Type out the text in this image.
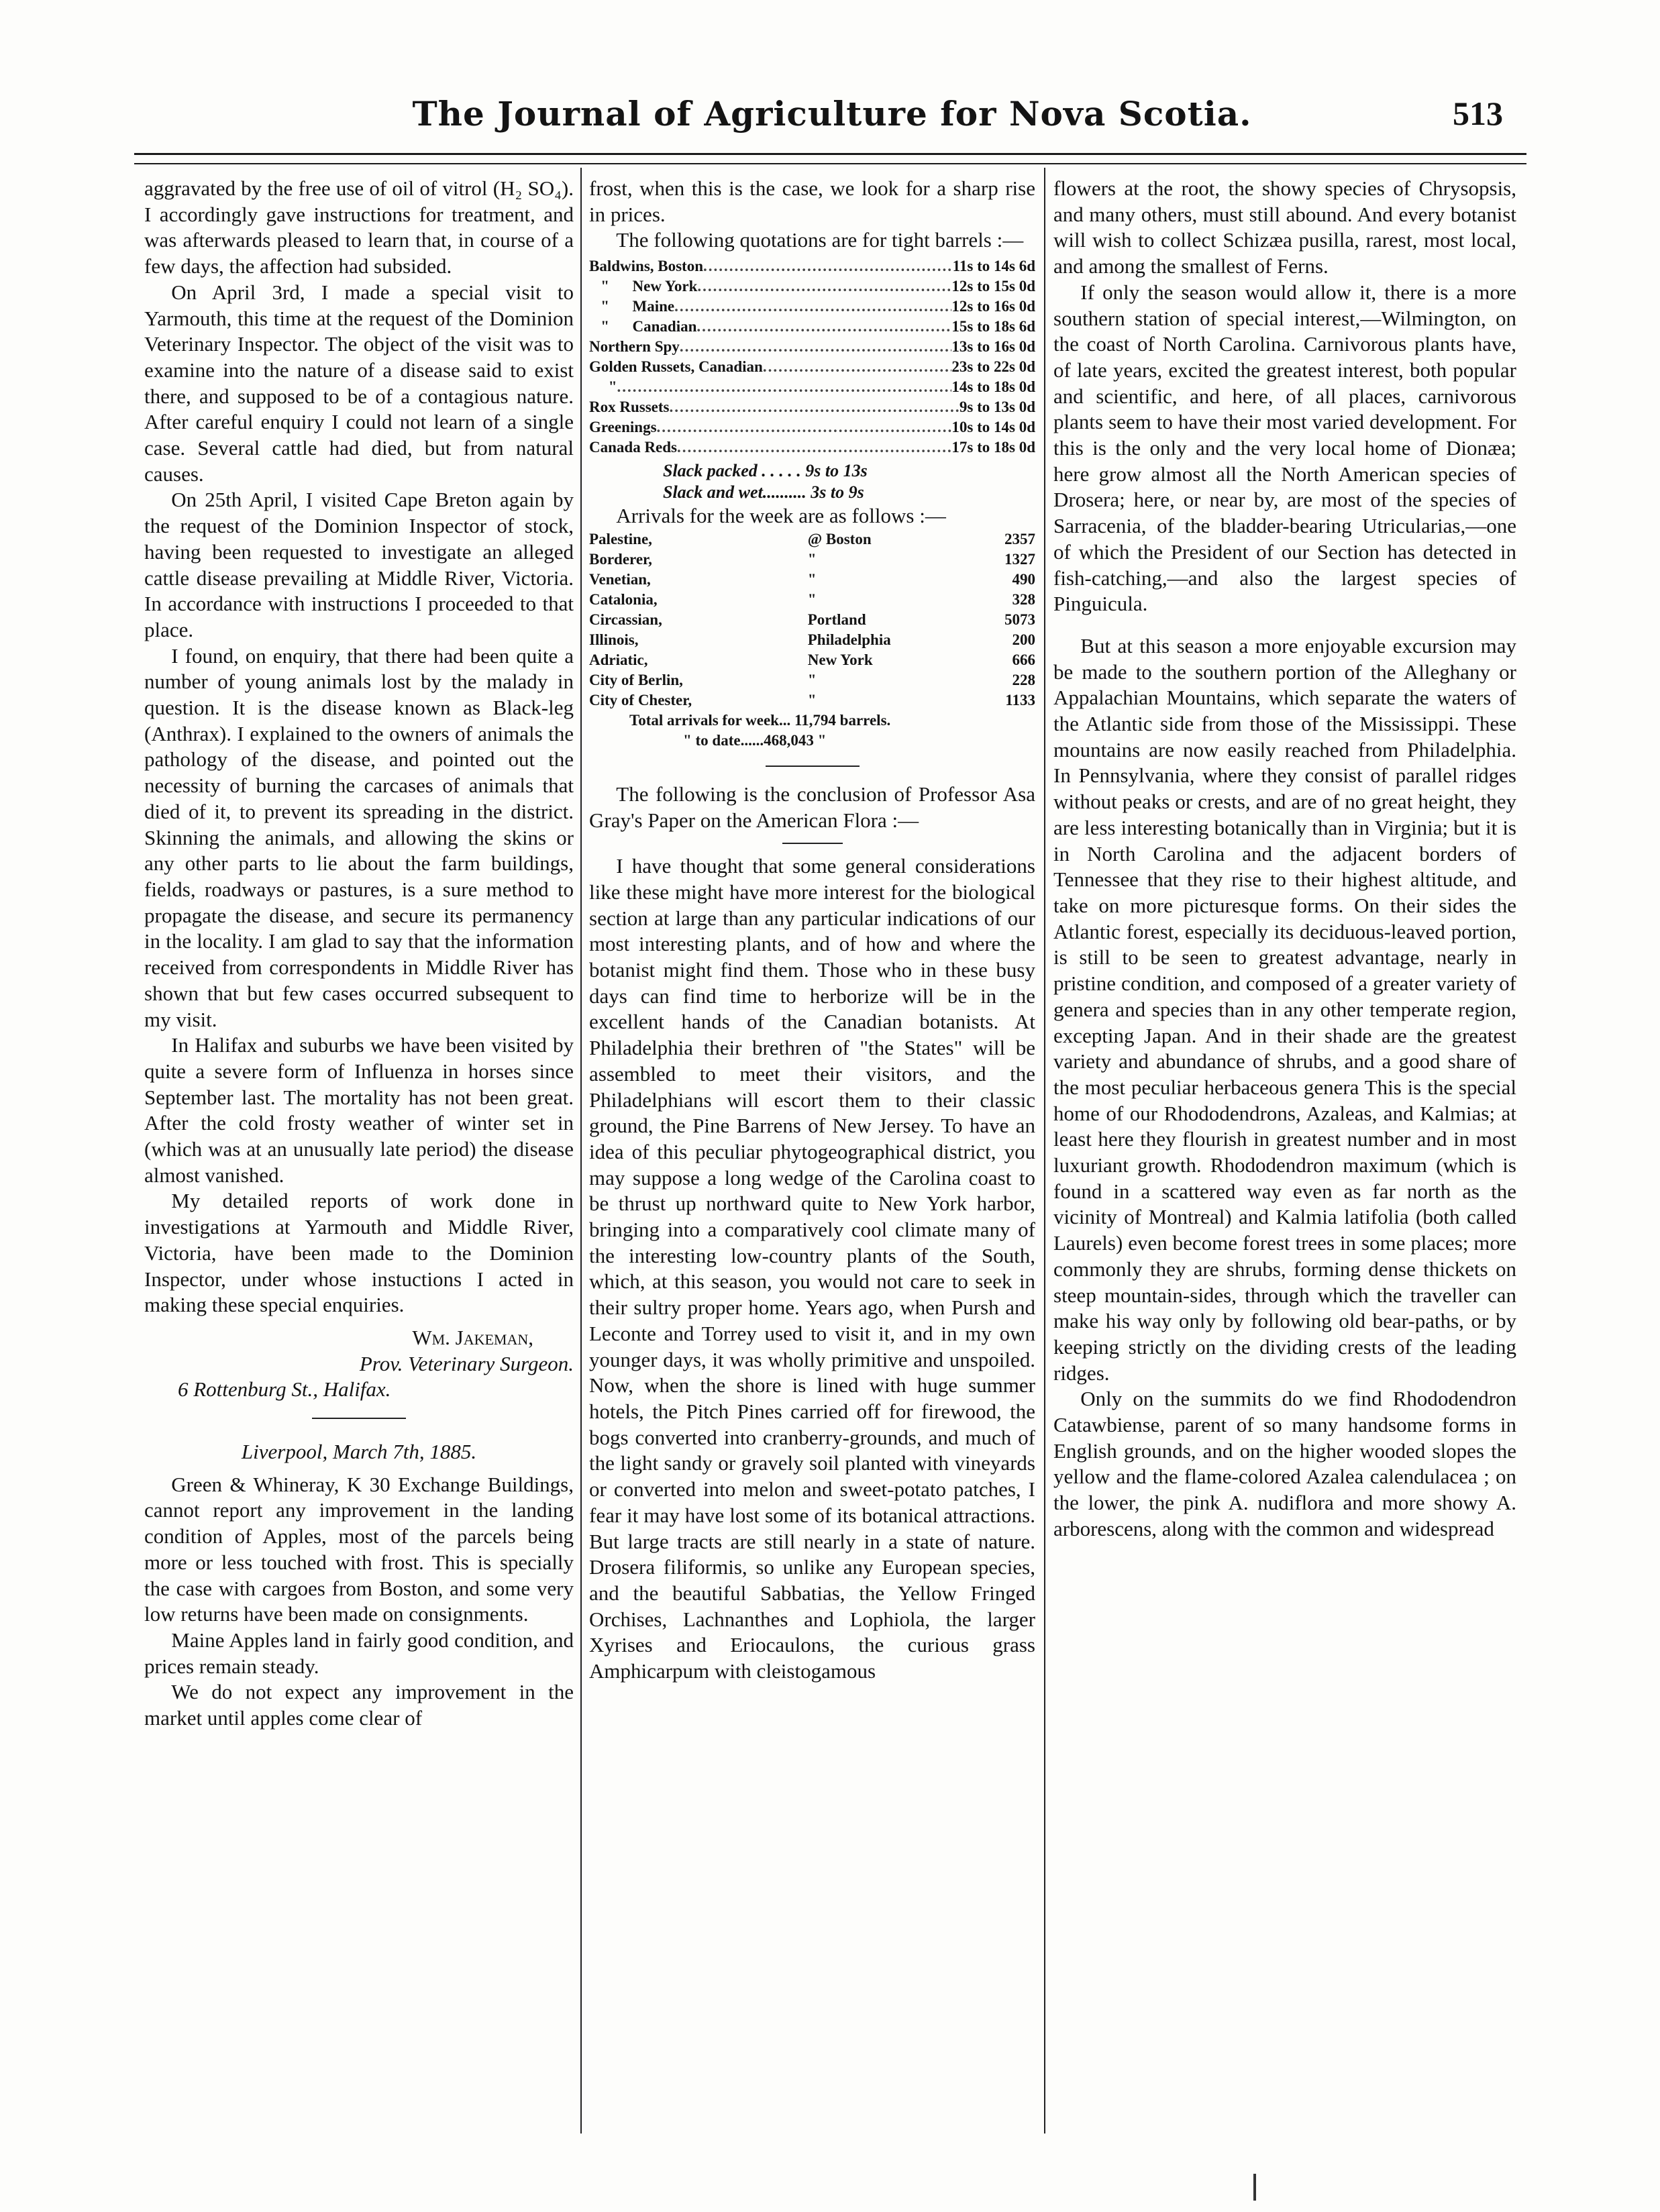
The Journal of Agriculture for Nova Scotia.	513

aggravated by the free use of oil of vitrol (H₂ SO₄). I accordingly gave instructions for treatment, and was afterwards pleased to learn that, in course of a few days, the affection had subsided.

On April 3rd, I made a special visit to Yarmouth, this time at the request of the Dominion Veterinary Inspector. The object of the visit was to examine into the nature of a disease said to exist there, and supposed to be of a contagious nature. After careful enquiry I could not learn of a single case. Several cattle had died, but from natural causes.

On 25th April, I visited Cape Breton again by the request of the Dominion Inspector of stock, having been requested to investigate an alleged cattle disease prevailing at Middle River, Victoria. In accordance with instructions I proceeded to that place.

I found, on enquiry, that there had been quite a number of young animals lost by the malady in question. It is the disease known as Black-leg (Anthrax). I explained to the owners of animals the pathology of the disease, and pointed out the necessity of burning the carcases of animals that died of it, to prevent its spreading in the district. Skinning the animals, and allowing the skins or any other parts to lie about the farm buildings, fields, roadways or pastures, is a sure method to propagate the disease, and secure its permanency in the locality. I am glad to say that the information received from correspondents in Middle River has shown that but few cases occurred subsequent to my visit.

In Halifax and suburbs we have been visited by quite a severe form of Influenza in horses since September last. The mortality has not been great. After the cold frosty weather of winter set in (which was at an unusually late period) the disease almost vanished.

My detailed reports of work done in investigations at Yarmouth and Middle River, Victoria, have been made to the Dominion Inspector, under whose instuctions I acted in making these special enquiries.

Wm. Jakeman,
Prov. Veterinary Surgeon.
6 Rottenburg St., Halifax.
Liverpool, March 7th, 1885.

Green & Whineray, K 30 Exchange Buildings, cannot report any improvement in the landing condition of Apples, most of the parcels being more or less touched with frost. This is specially the case with cargoes from Boston, and some very low returns have been made on consignments.

Maine Apples land in fairly good condition, and prices remain steady.

We do not expect any improvement in the market until apples come clear of

frost, when this is the case, we look for a sharp rise in prices.

The following quotations are for tight barrels :—

Baldwins, Boston .....	11s to 14s 6d
"      New York .....	12s to 15s 0d
"      Maine .....	12s to 16s 0d
"      Canadian .....	15s to 18s 6d
Northern Spy .....	13s to 16s 0d
Golden Russets, Canadian .....	23s to 22s 0d
" .....	14s to 18s 0d
Rox Russets .....	9s to 13s 0d
Greenings .....	10s to 14s 0d
Canada Reds .....	17s to 18s 0d
Slack packed . . . . . 9s to 13s
Slack and wet.......... 3s to 9s

Arrivals for the week are as follows :—

Palestine,	@ Boston	2357
Borderer,	"	1327
Venetian,	"	490
Catalonia,	"	328
Circassian,	Portland	5073
Illinois,	Philadelphia	200
Adriatic,	New York	666
City of Berlin,	"	228
City of Chester,	"	1133
Total arrivals for week... 11,794 barrels.
" to date......468,043 "

The following is the conclusion of Professor Asa Gray's Paper on the American Flora :—

I have thought that some general considerations like these might have more interest for the biological section at large than any particular indications of our most interesting plants, and of how and where the botanist might find them. Those who in these busy days can find time to herborize will be in the excellent hands of the Canadian botanists. At Philadelphia their brethren of "the States" will be assembled to meet their visitors, and the Philadelphians will escort them to their classic ground, the Pine Barrens of New Jersey. To have an idea of this peculiar phytogeographical district, you may suppose a long wedge of the Carolina coast to be thrust up northward quite to New York harbor, bringing into a comparatively cool climate many of the interesting low-country plants of the South, which, at this season, you would not care to seek in their sultry proper home. Years ago, when Pursh and Leconte and Torrey used to visit it, and in my own younger days, it was wholly primitive and unspoiled. Now, when the shore is lined with huge summer hotels, the Pitch Pines carried off for firewood, the bogs converted into cranberry-grounds, and much of the light sandy or gravely soil planted with vineyards or converted into melon and sweet-potato patches, I fear it may have lost some of its botanical attractions. But large tracts are still nearly in a state of nature. Drosera filiformis, so unlike any European species, and the beautiful Sabbatias, the Yellow Fringed Orchises, Lachnanthes and Lophiola, the larger Xyrises and Eriocaulons, the curious grass Amphicarpum with cleistogamous

flowers at the root, the showy species of Chrysopsis, and many others, must still abound. And every botanist will wish to collect Schizæa pusilla, rarest, most local, and among the smallest of Ferns.

If only the season would allow it, there is a more southern station of special interest,—Wilmington, on the coast of North Carolina. Carnivorous plants have, of late years, excited the greatest interest, both popular and scientific, and here, of all places, carnivorous plants seem to have their most varied development. For this is the only and the very local home of Dionæa; here grow almost all the North American species of Drosera; here, or near by, are most of the species of Sarracenia, of the bladder-bearing Utricularias,—one of which the President of our Section has detected in fish-catching,—and also the largest species of Pinguicula.

But at this season a more enjoyable excursion may be made to the southern portion of the Alleghany or Appalachian Mountains, which separate the waters of the Atlantic side from those of the Mississippi. These mountains are now easily reached from Philadelphia. In Pennsylvania, where they consist of parallel ridges without peaks or crests, and are of no great height, they are less interesting botanically than in Virginia; but it is in North Carolina and the adjacent borders of Tennessee that they rise to their highest altitude, and take on more picturesque forms. On their sides the Atlantic forest, especially its deciduous-leaved portion, is still to be seen to greatest advantage, nearly in pristine condition, and composed of a greater variety of genera and species than in any other temperate region, excepting Japan. And in their shade are the greatest variety and abundance of shrubs, and a good share of the most peculiar herbaceous genera This is the special home of our Rhododendrons, Azaleas, and Kalmias; at least here they flourish in greatest number and in most luxuriant growth. Rhododendron maximum (which is found in a scattered way even as far north as the vicinity of Montreal) and Kalmia latifolia (both called Laurels) even become forest trees in some places; more commonly they are shrubs, forming dense thickets on steep mountain-sides, through which the traveller can make his way only by following old bear-paths, or by keeping strictly on the dividing crests of the leading ridges.

Only on the summits do we find Rhododendron Catawbiense, parent of so many handsome forms in English grounds, and on the higher wooded slopes the yellow and the flame-colored Azalea calendulacea ; on the lower, the pink A. nudiflora and more showy A. arborescens, along with the common and widespread
